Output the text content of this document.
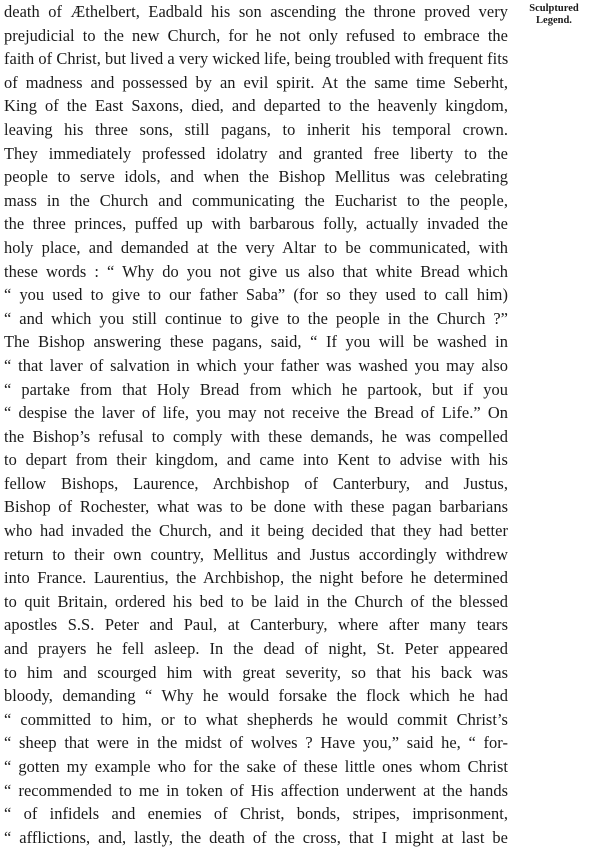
Sculptured
Legend.
death of Æthelbert, Eadbald his son ascending the throne proved very
prejudicial to the new Church, for he not only refused to embrace the
faith of Christ, but lived a very wicked life, being troubled with frequent fits
of madness and possessed by an evil spirit. At the same time Seberht,
King of the East Saxons, died, and departed to the heavenly kingdom,
leaving his three sons, still pagans, to inherit his temporal crown.
They immediately professed idolatry and granted free liberty to the
people to serve idols, and when the Bishop Mellitus was celebrating
mass in the Church and communicating the Eucharist to the people,
the three princes, puffed up with barbarous folly, actually invaded the
holy place, and demanded at the very Altar to be communicated, with
these words : “ Why do you not give us also that white Bread which
“ you used to give to our father Saba” (for so they used to call him)
“ and which you still continue to give to the people in the Church ?”
The Bishop answering these pagans, said, “ If you will be washed in
“ that laver of salvation in which your father was washed you may also
“ partake from that Holy Bread from which he partook, but if you
“ despise the laver of life, you may not receive the Bread of Life.” On
the Bishop’s refusal to comply with these demands, he was compelled
to depart from their kingdom, and came into Kent to advise with his
fellow Bishops, Laurence, Archbishop of Canterbury, and Justus,
Bishop of Rochester, what was to be done with these pagan barbarians
who had invaded the Church, and it being decided that they had better
return to their own country, Mellitus and Justus accordingly withdrew
into France. Laurentius, the Archbishop, the night before he determined
to quit Britain, ordered his bed to be laid in the Church of the blessed
apostles S.S. Peter and Paul, at Canterbury, where after many tears
and prayers he fell asleep. In the dead of night, St. Peter appeared
to him and scourged him with great severity, so that his back was
bloody, demanding “ Why he would forsake the flock which he had
“ committed to him, or to what shepherds he would commit Christ’s
“ sheep that were in the midst of wolves ? Have you,” said he, “ for-
“ gotten my example who for the sake of these little ones whom Christ
“ recommended to me in token of His affection underwent at the hands
“ of infidels and enemies of Christ, bonds, stripes, imprisonment,
“ afflictions, and, lastly, the death of the cross, that I might at last be
